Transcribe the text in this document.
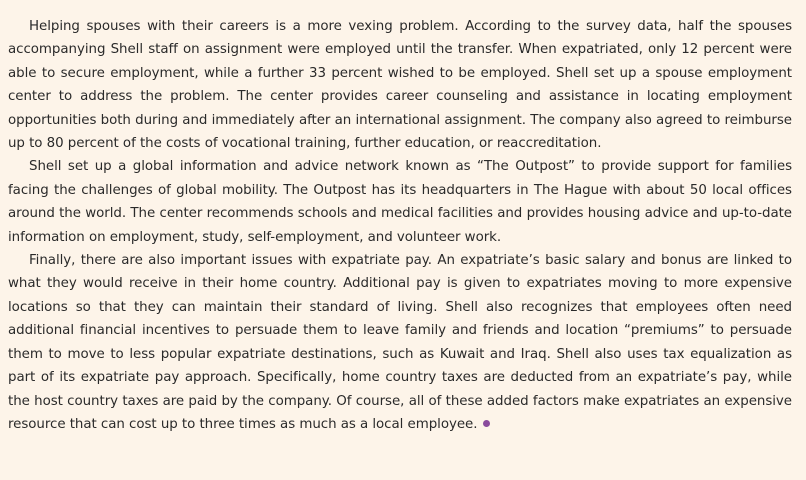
Helping spouses with their careers is a more vexing problem. According to the survey data, half the spouses accompanying Shell staff on assignment were employed until the transfer. When expatriated, only 12 percent were able to secure employment, while a further 33 percent wished to be employed. Shell set up a spouse employment center to address the problem. The center provides career counseling and assistance in locating employment opportunities both during and immediately after an international assignment. The company also agreed to reimburse up to 80 percent of the costs of vocational training, further education, or reaccreditation.

Shell set up a global information and advice network known as “The Outpost” to provide support for families facing the challenges of global mobility. The Outpost has its headquarters in The Hague with about 50 local offices around the world. The center recommends schools and medical facilities and provides housing advice and up-to-date information on employment, study, self-employment, and volunteer work.

Finally, there are also important issues with expatriate pay. An expatriate’s basic salary and bonus are linked to what they would receive in their home country. Additional pay is given to expatriates moving to more expensive locations so that they can maintain their standard of living. Shell also recognizes that employees often need additional financial incentives to persuade them to leave family and friends and location “premiums” to persuade them to move to less popular expatriate destinations, such as Kuwait and Iraq. Shell also uses tax equalization as part of its expatriate pay approach. Specifically, home country taxes are deducted from an expatriate’s pay, while the host country taxes are paid by the company. Of course, all of these added factors make expatriates an expensive resource that can cost up to three times as much as a local employee.
